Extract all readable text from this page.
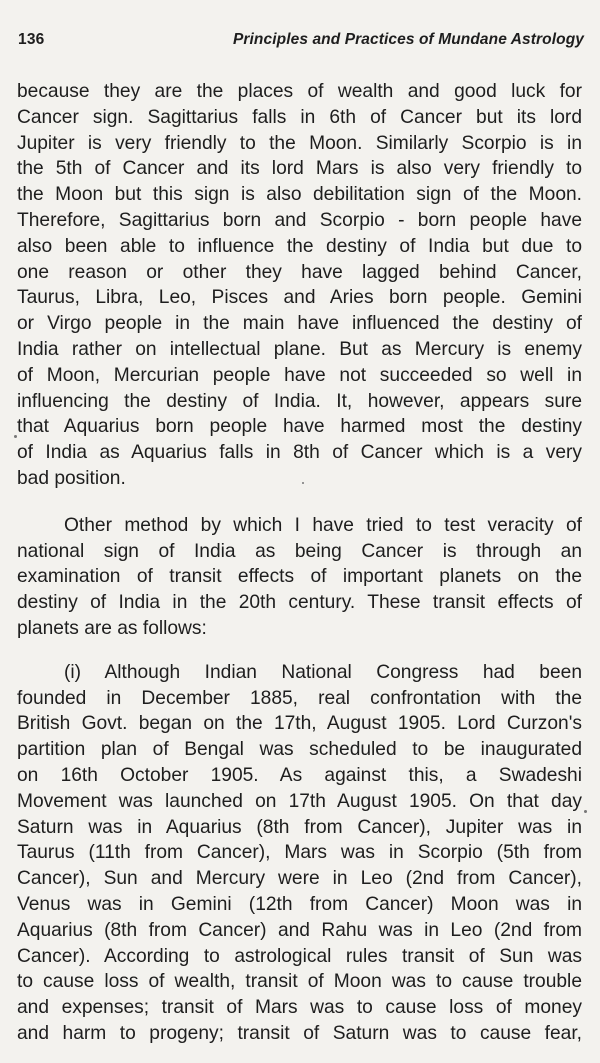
136	Principles and Practices of Mundane Astrology

because they are the places of wealth and good luck for
Cancer sign. Sagittarius falls in 6th of Cancer but its lord
Jupiter is very friendly to the Moon. Similarly Scorpio is in
the 5th of Cancer and its lord Mars is also very friendly to
the Moon but this sign is also debilitation sign of the Moon.
Therefore, Sagittarius born and Scorpio - born people have
also been able to influence the destiny of India but due to
one reason or other they have lagged behind Cancer,
Taurus, Libra, Leo, Pisces and Aries born people. Gemini
or Virgo people in the main have influenced the destiny of
India rather on intellectual plane. But as Mercury is enemy
of Moon, Mercurian people have not succeeded so well in
influencing the destiny of India. It, however, appears sure
that Aquarius born people have harmed most the destiny
of India as Aquarius falls in 8th of Cancer which is a very
bad position.

Other method by which I have tried to test veracity of
national sign of India as being Cancer is through an
examination of transit effects of important planets on the
destiny of India in the 20th century. These transit effects of
planets are as follows:

(i) Although Indian National Congress had been
founded in December 1885, real confrontation with the
British Govt. began on the 17th, August 1905. Lord Curzon's
partition plan of Bengal was scheduled to be inaugurated
on 16th October 1905. As against this, a Swadeshi
Movement was launched on 17th August 1905. On that day
Saturn was in Aquarius (8th from Cancer), Jupiter was in
Taurus (11th from Cancer), Mars was in Scorpio (5th from
Cancer), Sun and Mercury were in Leo (2nd from Cancer),
Venus was in Gemini (12th from Cancer) Moon was in
Aquarius (8th from Cancer) and Rahu was in Leo (2nd from
Cancer). According to astrological rules transit of Sun was
to cause loss of wealth, transit of Moon was to cause trouble
and expenses; transit of Mars was to cause loss of money
and harm to progeny; transit of Saturn was to cause fear,
